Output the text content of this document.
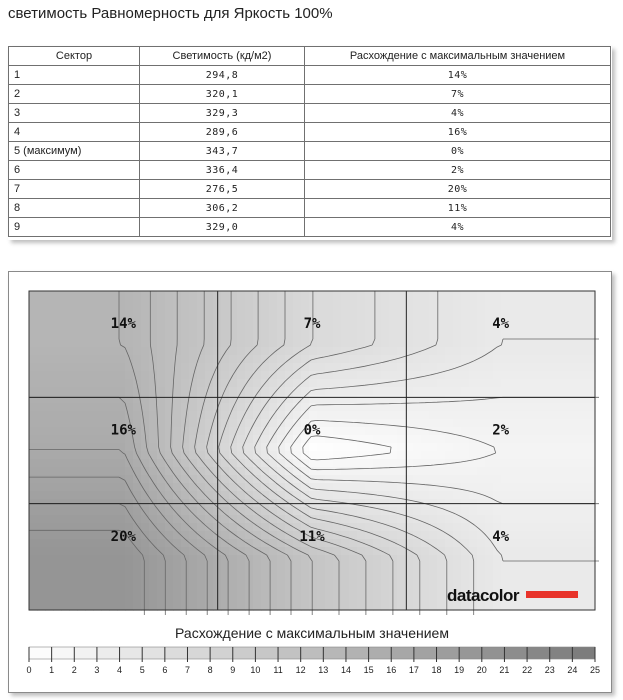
светимость Равномерность для Яркость 100%
Сектор	Светимость (кд/м2)	Расхождение с максимальным значением
1	294,8	14%
2	320,1	7%
3	329,3	4%
4	289,6	16%
5 (максимум)	343,7	0%
6	336,4	2%
7	276,5	20%
8	306,2	11%
9	329,0	4%
14%	7%	4%
16%	0%	2%
20%	11%	4%
datacolor
Расхождение с максимальным значением
0 1 2 3 4 5 6 7 8 9 10 11 12 13 14 15 16 17 18 19 20 21 22 23 24 25
